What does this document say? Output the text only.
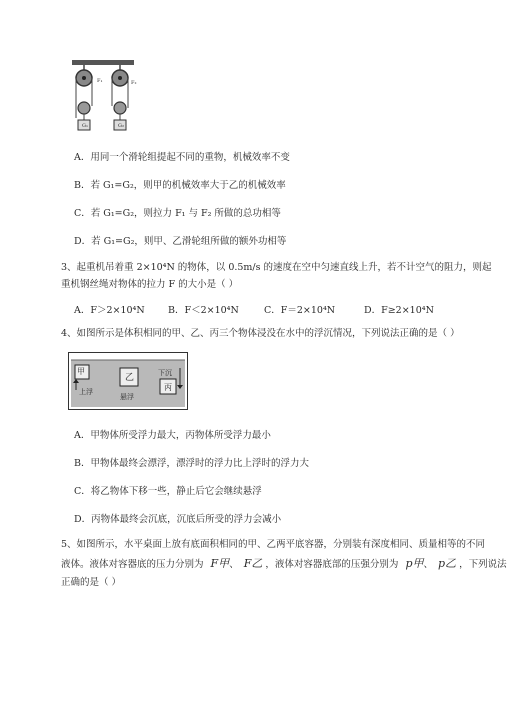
F₁	F₂
G₁	G₂
A．用同一个滑轮组提起不同的重物，机械效率不变
B．若 G₁=G₂，则甲的机械效率大于乙的机械效率
C．若 G₁=G₂，则拉力 F₁ 与 F₂ 所做的总功相等
D．若 G₁=G₂，则甲、乙滑轮组所做的额外功相等
3、起重机吊着重 2×10⁴N 的物体，以 0.5m/s 的速度在空中匀速直线上升，若不计空气的阻力，则起
重机钢丝绳对物体的拉力 F 的大小是（ ）
A．F＞2×10⁴N B．F＜2×10⁴N	C．F＝2×10⁴N	D．F≥2×10⁴N
4、如图所示是体积相同的甲、乙、丙三个物体浸没在水中的浮沉情况，下列说法正确的是（ ）
甲
上浮
乙
悬浮
下沉
丙
A．甲物体所受浮力最大，丙物体所受浮力最小
B．甲物体最终会漂浮，漂浮时的浮力比上浮时的浮力大
C．将乙物体下移一些，静止后它会继续悬浮
D．丙物体最终会沉底，沉底后所受的浮力会减小
5、如图所示，水平桌面上放有底面积相同的甲、乙两平底容器，分别装有深度相同、质量相等的不同
液体。液体对容器底的压力分别为 F甲、 F乙 ，液体对容器底部的压强分别为 p甲、 p乙 ，下列说法
正确的是（ ）
